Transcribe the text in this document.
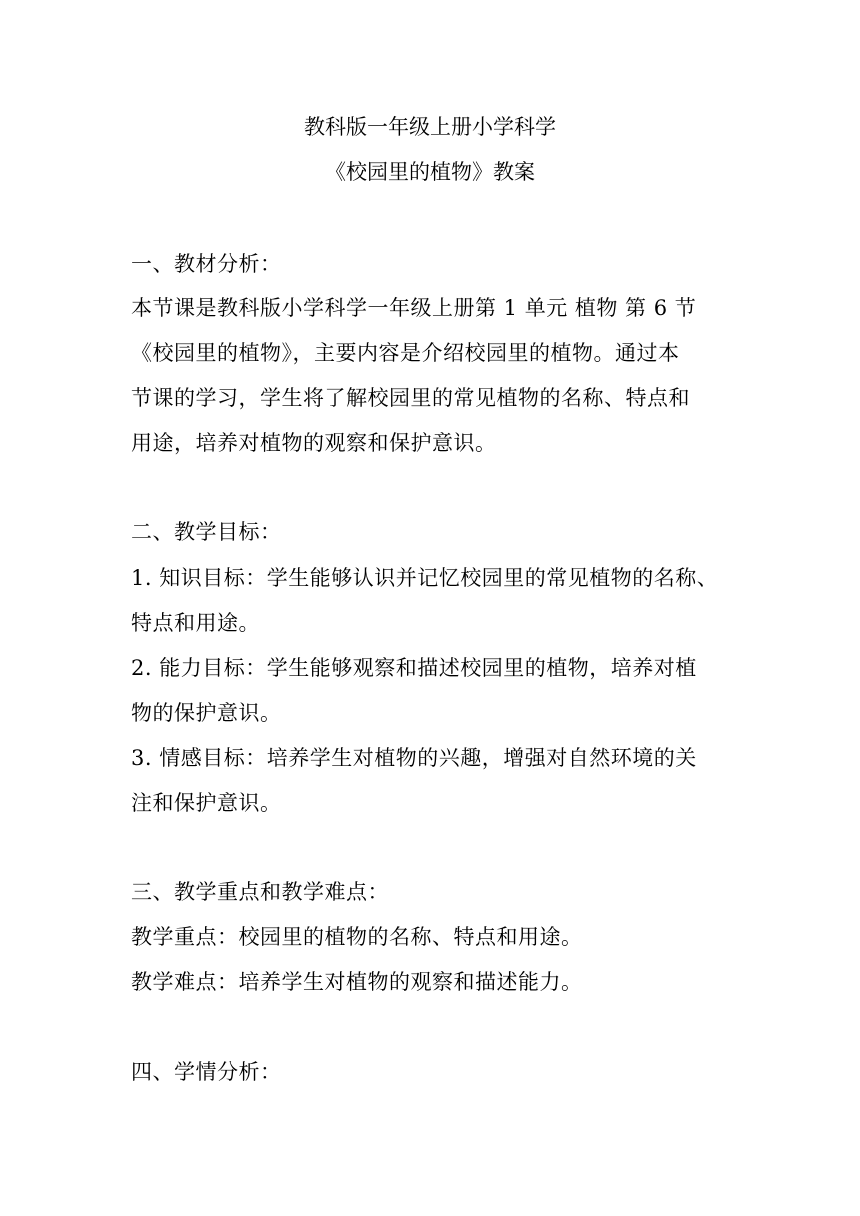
教科版一年级上册小学科学
《校园里的植物》教案
一、教材分析：
本节课是教科版小学科学一年级上册第 1 单元 植物 第 6 节
《校园里的植物》，主要内容是介绍校园里的植物。通过本
节课的学习，学生将了解校园里的常见植物的名称、特点和
用途，培养对植物的观察和保护意识。
二、教学目标：
1. 知识目标：学生能够认识并记忆校园里的常见植物的名称、
特点和用途。
2. 能力目标：学生能够观察和描述校园里的植物，培养对植
物的保护意识。
3. 情感目标：培养学生对植物的兴趣，增强对自然环境的关
注和保护意识。
三、教学重点和教学难点：
教学重点：校园里的植物的名称、特点和用途。
教学难点：培养学生对植物的观察和描述能力。
四、学情分析：
